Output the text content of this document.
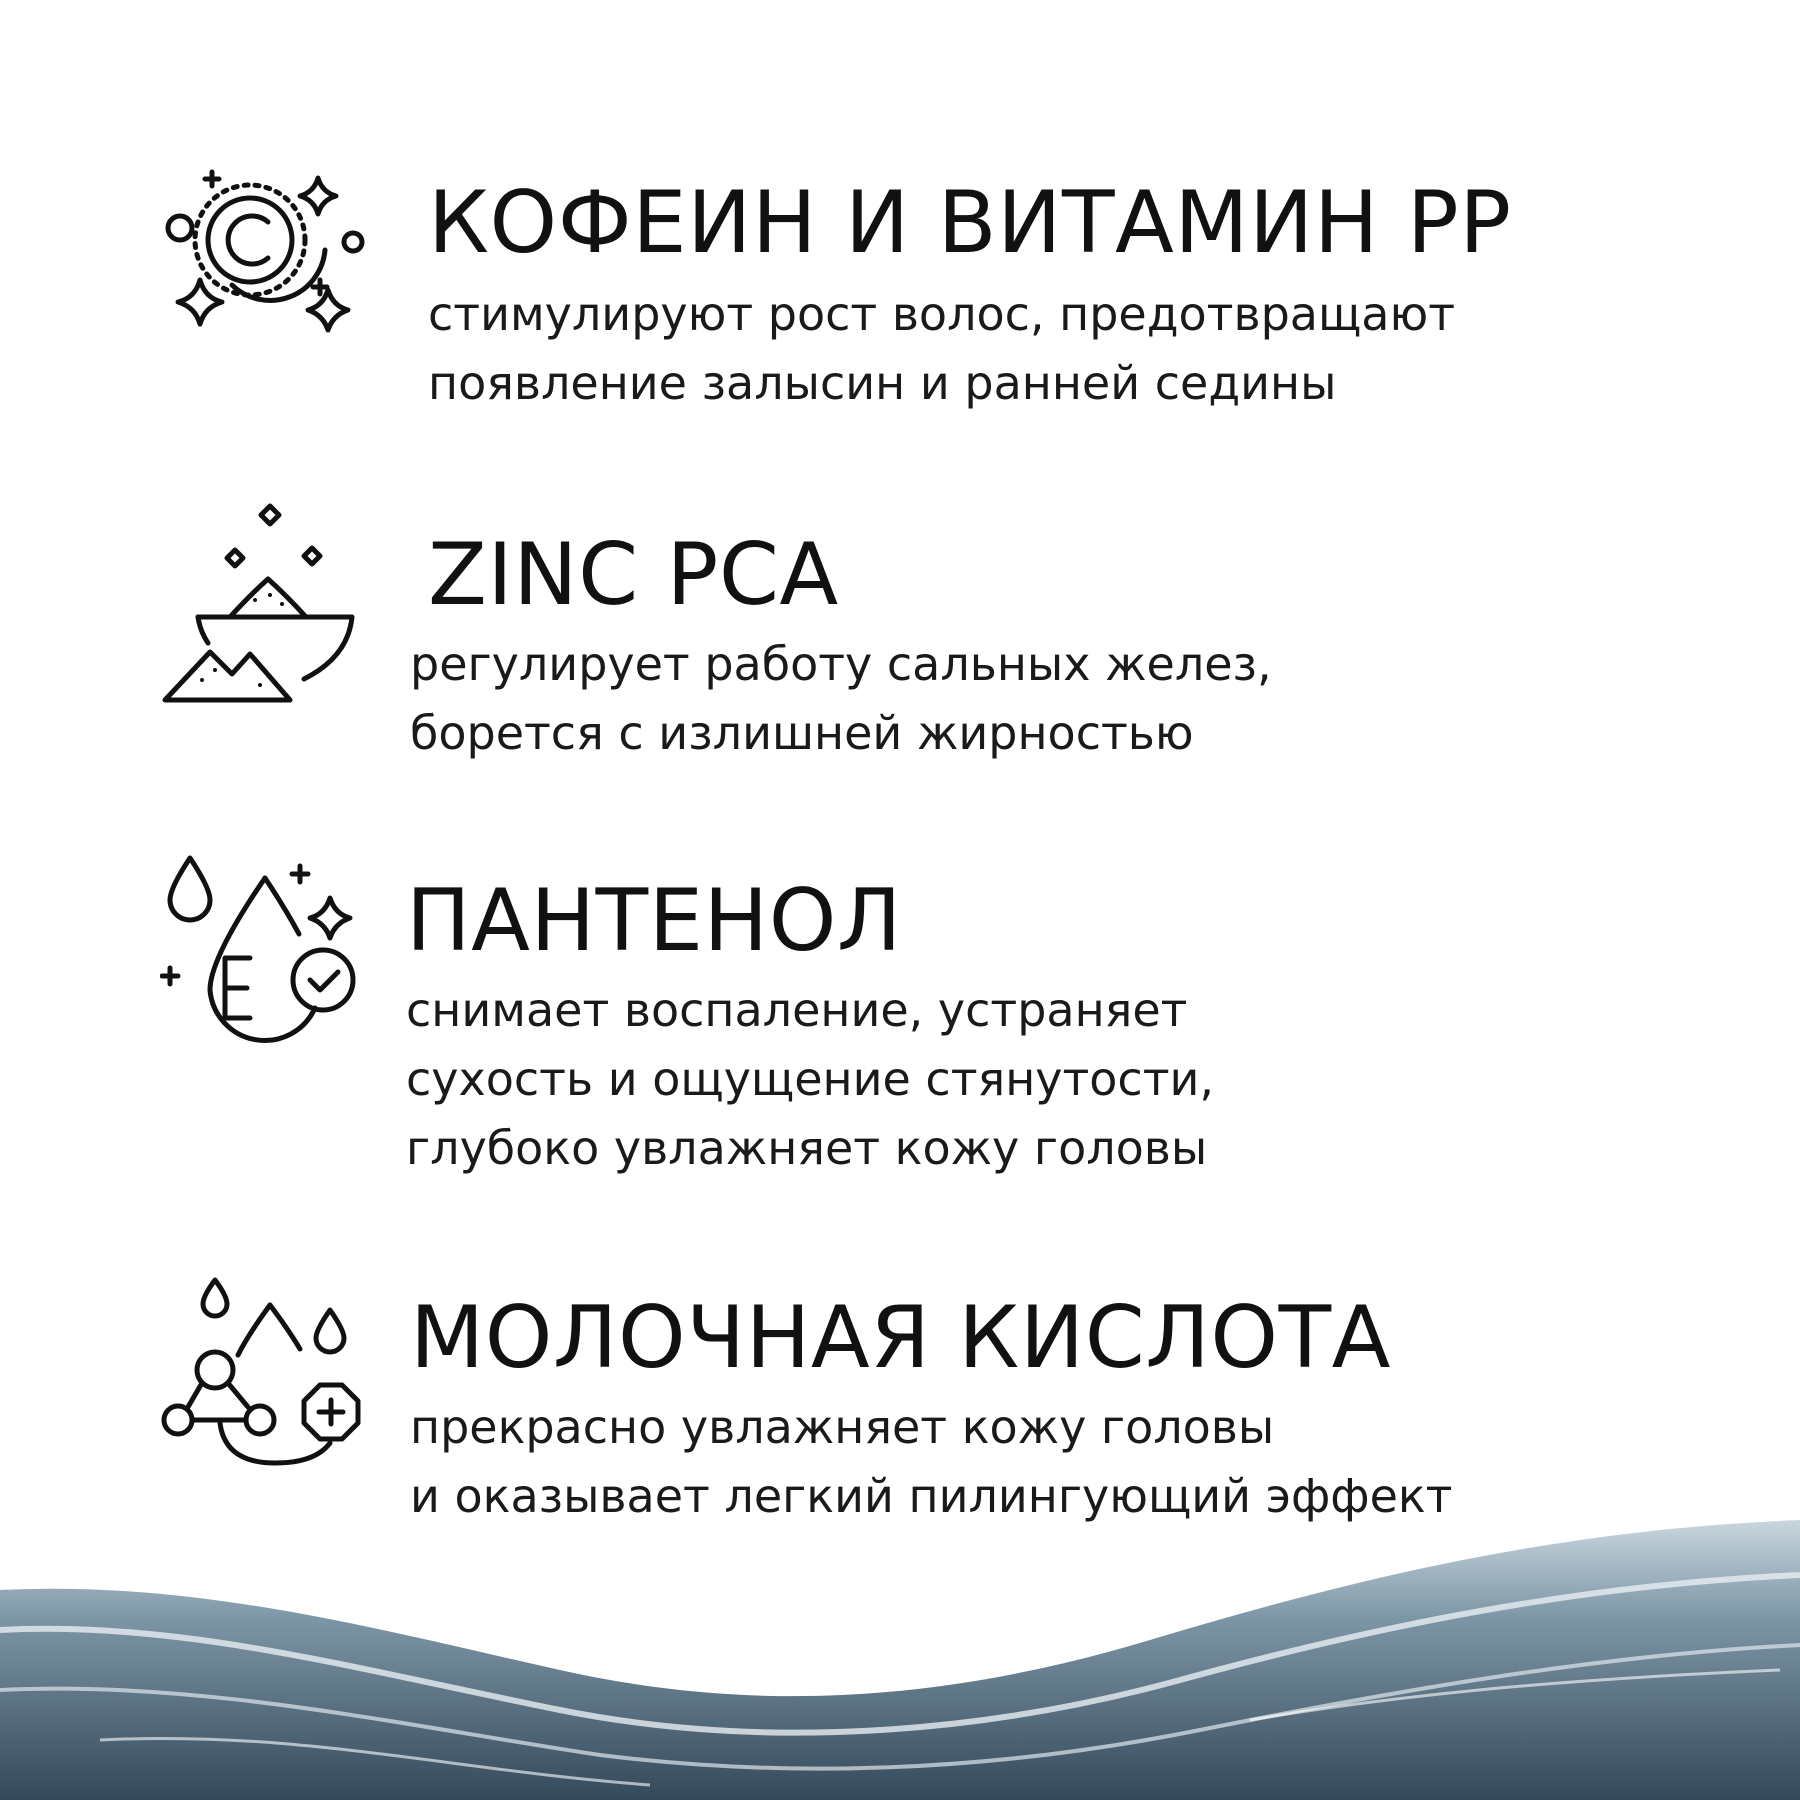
КОФЕИН И ВИТАМИН РР

стимулируют рост волос, предотвращают
появление залысин и ранней седины

ZINC PCA

регулирует работу сальных желез,
борется с излишней жирностью

ПАНТЕНОЛ

снимает воспаление, устраняет
сухость и ощущение стянутости,
глубоко увлажняет кожу головы

МОЛОЧНАЯ КИСЛОТА

прекрасно увлажняет кожу головы
и оказывает легкий пилингующий эффект
